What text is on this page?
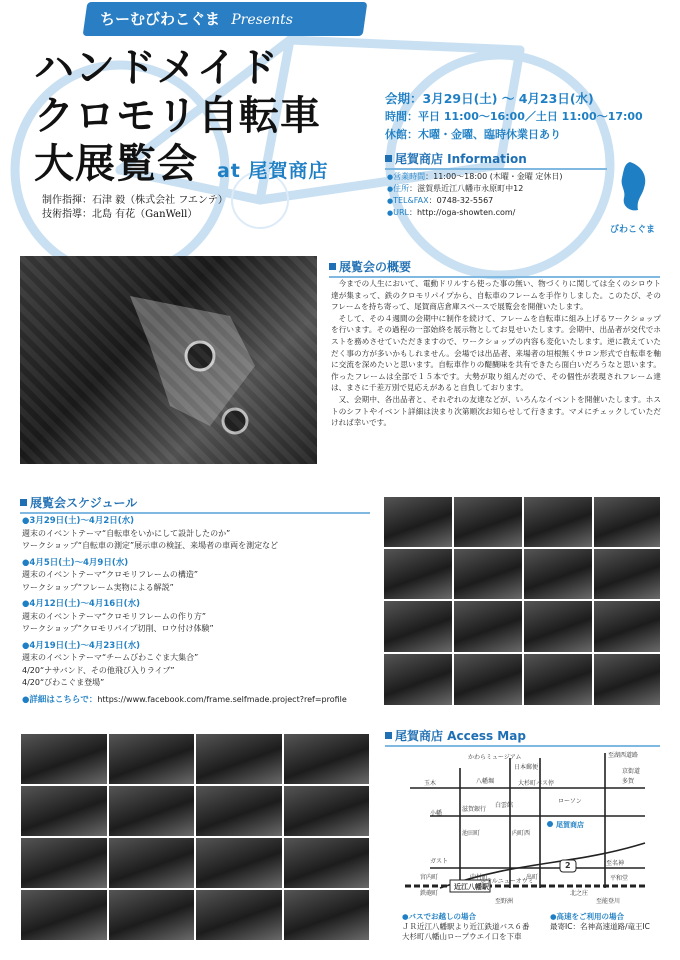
ちーむびわこぐま Presents
ハンドメイド
クロモリ自転車
大展覧会 at 尾賀商店
制作指揮：石津 毅（株式会社 フエンテ）
技術指導：北島 有花（GanWell）
会期：3月29日(土) ～ 4月23日(水)
時間：平日 11:00～16:00／土日 11:00～17:00
休館：木曜・金曜、臨時休業日あり
尾賀商店 Information
●営業時間：11:00～18:00 (木曜・金曜 定休日)
●住所：滋賀県近江八幡市永原町中12
●TEL&FAX：0748-32-5567
●URL：http://oga-showten.com/
びわこぐま
展覧会の概要

今までの人生において、電動ドリルすら使った事の無い、物づくりに関しては全くのシロウト達が集まって、鉄のクロモリパイプから、自転車のフレームを手作りしました。このたび、そのフレームを持ち寄って、尾賀商店倉庫スペースで展覧会を開催いたします。

そして、その４週間の会期中に制作を続けて、フレームを自転車に組み上げるワークショップを行います。その過程の一部始終を展示物としてお見せいたします。会期中、出品者が交代でホストを務めさせていただきますので、ワークショップの内容も変化いたします。逆に教えていただく事の方が多いかもしれません。会場では出品者、来場者の垣根無くサロン形式で自転車を軸に交流を深めたいと思います。自転車作りの醍醐味を共有できたら面白いだろうなと思います。作ったフレームは全部で１５本です。大勢が取り組んだので、その個性が表現されフレーム達は、まさに千差万別で見応えがあると自負しております。

又、会期中、各出品者と、それぞれの友達などが、いろんなイベントを開催いたします。ホストのシフトやイベント詳細は決まり次第順次お知らせして行きます。マメにチェックしていただければ幸いです。

展覧会スケジュール
●3月29日(土)～4月2日(水)
週末のイベントテーマ“自転車をいかにして設計したのか”
ワークショップ“自転車の測定”展示車の検証、来場者の車両を測定など
●4月5日(土)～4月9日(水)
週末のイベントテーマ“クロモリフレームの構造”
ワークショップ“フレーム実物による解説”
●4月12日(土)～4月16日(水)
週末のイベントテーマ“クロモリフレームの作り方”
ワークショップ“クロモリパイプ切削、ロウ付け体験”
●4月19日(土)～4月23日(水)
週末のイベントテーマ“チームびわこぐま大集合”
4/20“ナサバンド、その他飛び入りライブ”
4/20“びわこぐま登場”
●詳細はこちらで：https://www.facebook.com/frame.selfmade.project?ref=profile
尾賀商店 Access Map
至湖西道路
かわらミュージアム
日本郵便
八幡堀	大杉町バス停
玉木	多賀
京街道
ローソン
白雲館
滋賀銀行
小幡
池田町	内町西
尾賀商店
ガスト	2	至名神
平和堂
宮内町	中村町	出町
鉄砲町
ホテルニューオウミ
至野洲	至能登川
北之庄
近江八幡駅
●バスでお越しの場合
ＪＲ近江八幡駅より近江鉄道バス６番
大杉町八幡山ロープウエイ口を下車
●高速をご利用の場合
最寄IC：名神高速道路/竜王IC
